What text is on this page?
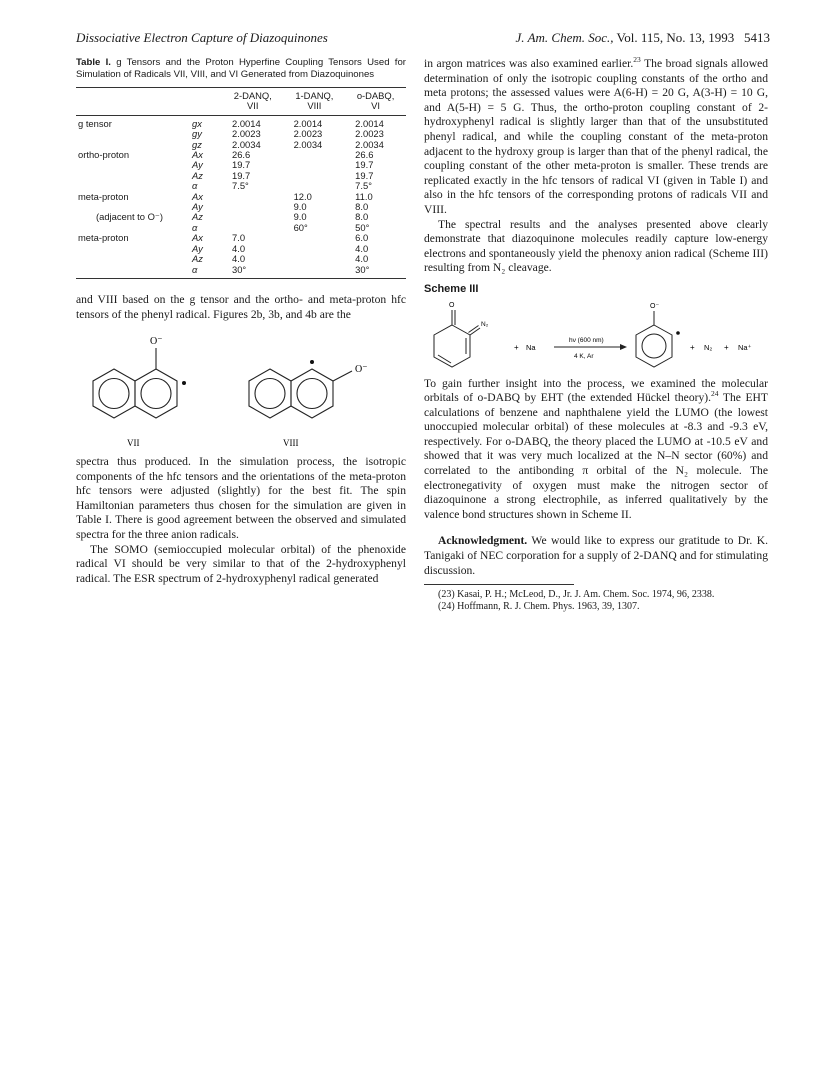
Dissociative Electron Capture of Diazoquinones	J. Am. Chem. Soc., Vol. 115, No. 13, 1993 5413
Table I. g Tensors and the Proton Hyperfine Coupling Tensors Used for Simulation of Radicals VII, VIII, and VI Generated from Diazoquinones
		2-DANQ,	1-DANQ,	o-DABQ,
		VII	VIII	VI
g tensor	gx	2.0014	2.0014	2.0014
	gy	2.0023	2.0023	2.0023
	gz	2.0034	2.0034	2.0034
ortho-proton	Ax	26.6		26.6
	Ay	19.7		19.7
	Az	19.7		19.7
	α	7.5°		7.5°
meta-proton	Ax		12.0	11.0
	Ay		9.0	8.0
(adjacent to O⁻)	Az		9.0	8.0
	α		60°	50°
meta-proton	Ax	7.0		6.0
	Ay	4.0		4.0
	Az	4.0		4.0
	α	30°		30°

and VIII based on the g tensor and the ortho- and meta-proton hfc tensors of the phenyl radical. Figures 2b, 3b, and 4b are the

O⁻
O⁻
VII	VIII

spectra thus produced. In the simulation process, the isotropic components of the hfc tensors and the orientations of the meta-proton hfc tensors were adjusted (slightly) for the best fit. The spin Hamiltonian parameters thus chosen for the simulation are given in Table I. There is good agreement between the observed and simulated spectra for the three anion radicals.

The SOMO (semioccupied molecular orbital) of the phenoxide radical VI should be very similar to that of the 2-hydroxyphenyl radical. The ESR spectrum of 2-hydroxyphenyl radical generated

in argon matrices was also examined earlier.$^{23}$ The broad signals allowed determination of only the isotropic coupling constants of the ortho and meta protons; the assessed values were A(6-H) = 20 G, A(3-H) = 10 G, and A(5-H) = 5 G. Thus, the ortho-proton coupling constant of 2-hydroxyphenyl radical is slightly larger than that of the unsubstituted phenyl radical, and while the coupling constant of the meta-proton adjacent to the hydroxy group is larger than that of the phenyl radical, the coupling constant of the other meta-proton is smaller. These trends are replicated exactly in the hfc tensors of radical VI (given in Table I) and also in the hfc tensors of the corresponding protons of radicals VII and VIII.

The spectral results and the analyses presented above clearly demonstrate that diazoquinone molecules readily capture low-energy electrons and spontaneously yield the phenoxy anion radical (Scheme III) resulting from N₂ cleavage.

Scheme III
O
N₂
+ Na
hν (600 nm)
4 K, Ar
O⁻
+ N₂ + Na⁺

To gain further insight into the process, we examined the molecular orbitals of o-DABQ by EHT (the extended Hückel theory).$^{24}$ The EHT calculations of benzene and naphthalene yield the LUMO (the lowest unoccupied molecular orbital) of these molecules at -8.3 and -9.3 eV, respectively. For o-DABQ, the theory placed the LUMO at -10.5 eV and showed that it was very much localized at the N–N sector (60%) and correlated to the antibonding π orbital of the N₂ molecule. The electronegativity of oxygen must make the nitrogen sector of diazoquinone a strong electrophile, as inferred qualitatively by the valence bond structures shown in Scheme II.

Acknowledgment. We would like to express our gratitude to Dr. K. Tanigaki of NEC corporation for a supply of 2-DANQ and for stimulating discussion.

(23) Kasai, P. H.; McLeod, D., Jr. J. Am. Chem. Soc. 1974, 96, 2338.
(24) Hoffmann, R. J. Chem. Phys. 1963, 39, 1307.
